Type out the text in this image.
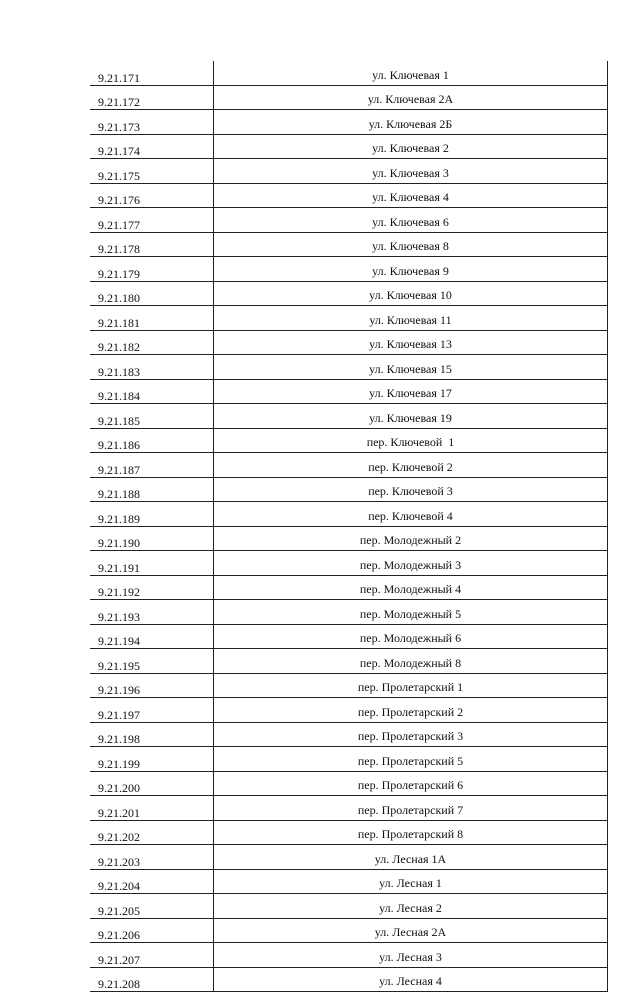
9.21.171	ул. Ключевая 1
9.21.172	ул. Ключевая 2А
9.21.173	ул. Ключевая 2Б
9.21.174	ул. Ключевая 2
9.21.175	ул. Ключевая 3
9.21.176	ул. Ключевая 4
9.21.177	ул. Ключевая 6
9.21.178	ул. Ключевая 8
9.21.179	ул. Ключевая 9
9.21.180	ул. Ключевая 10
9.21.181	ул. Ключевая 11
9.21.182	ул. Ключевая 13
9.21.183	ул. Ключевая 15
9.21.184	ул. Ключевая 17
9.21.185	ул. Ключевая 19
9.21.186	пер. Ключевой  1
9.21.187	пер. Ключевой 2
9.21.188	пер. Ключевой 3
9.21.189	пер. Ключевой 4
9.21.190	пер. Молодежный 2
9.21.191	пер. Молодежный 3
9.21.192	пер. Молодежный 4
9.21.193	пер. Молодежный 5
9.21.194	пер. Молодежный 6
9.21.195	пер. Молодежный 8
9.21.196	пер. Пролетарский 1
9.21.197	пер. Пролетарский 2
9.21.198	пер. Пролетарский 3
9.21.199	пер. Пролетарский 5
9.21.200	пер. Пролетарский 6
9.21.201	пер. Пролетарский 7
9.21.202	пер. Пролетарский 8
9.21.203	ул. Лесная 1А
9.21.204	ул. Лесная 1
9.21.205	ул. Лесная 2
9.21.206	ул. Лесная 2А
9.21.207	ул. Лесная 3
9.21.208	ул. Лесная 4
